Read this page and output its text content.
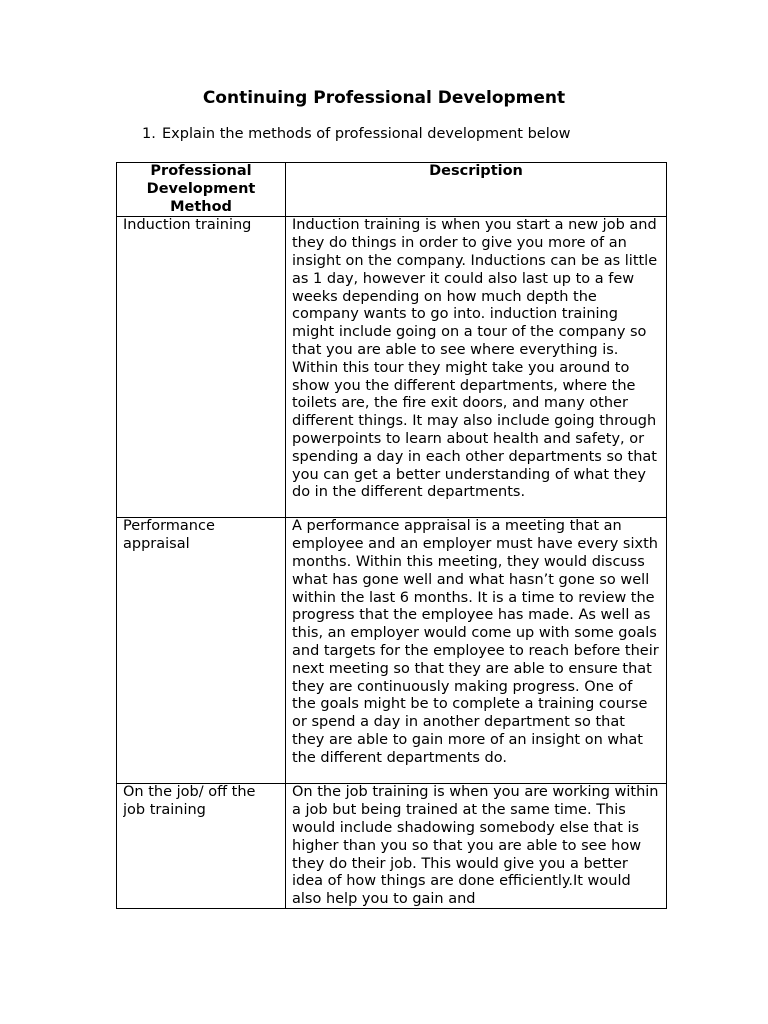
Continuing Professional Development
1. Explain the methods of professional development below
Professional Development Method	Description
Induction training	Induction training is when you start a new job and they do things in order to give you more of an insight on the company. Inductions can be as little as 1 day, however it could also last up to a few weeks depending on how much depth the company wants to go into. induction training might include going on a tour of the company so that you are able to see where everything is. Within this tour they might take you around to show you the different departments, where the toilets are, the fire exit doors, and many other different things. It may also include going through powerpoints to learn about health and safety, or spending a day in each other departments so that you can get a better understanding of what they do in the different departments.
Performance appraisal	A performance appraisal is a meeting that an employee and an employer must have every sixth months. Within this meeting, they would discuss what has gone well and what hasn’t gone so well within the last 6 months. It is a time to review the progress that the employee has made. As well as this, an employer would come up with some goals and targets for the employee to reach before their next meeting so that they are able to ensure that they are continuously making progress. One of the goals might be to complete a training course or spend a day in another department so that they are able to gain more of an insight on what the different departments do.

On the job/ off the job training	On the job training is when you are working within a job but being trained at the same time. This would include shadowing somebody else that is higher than you so that you are able to see how they do their job. This would give you a better idea of how things are done efficiently.It would also help you to gain and
